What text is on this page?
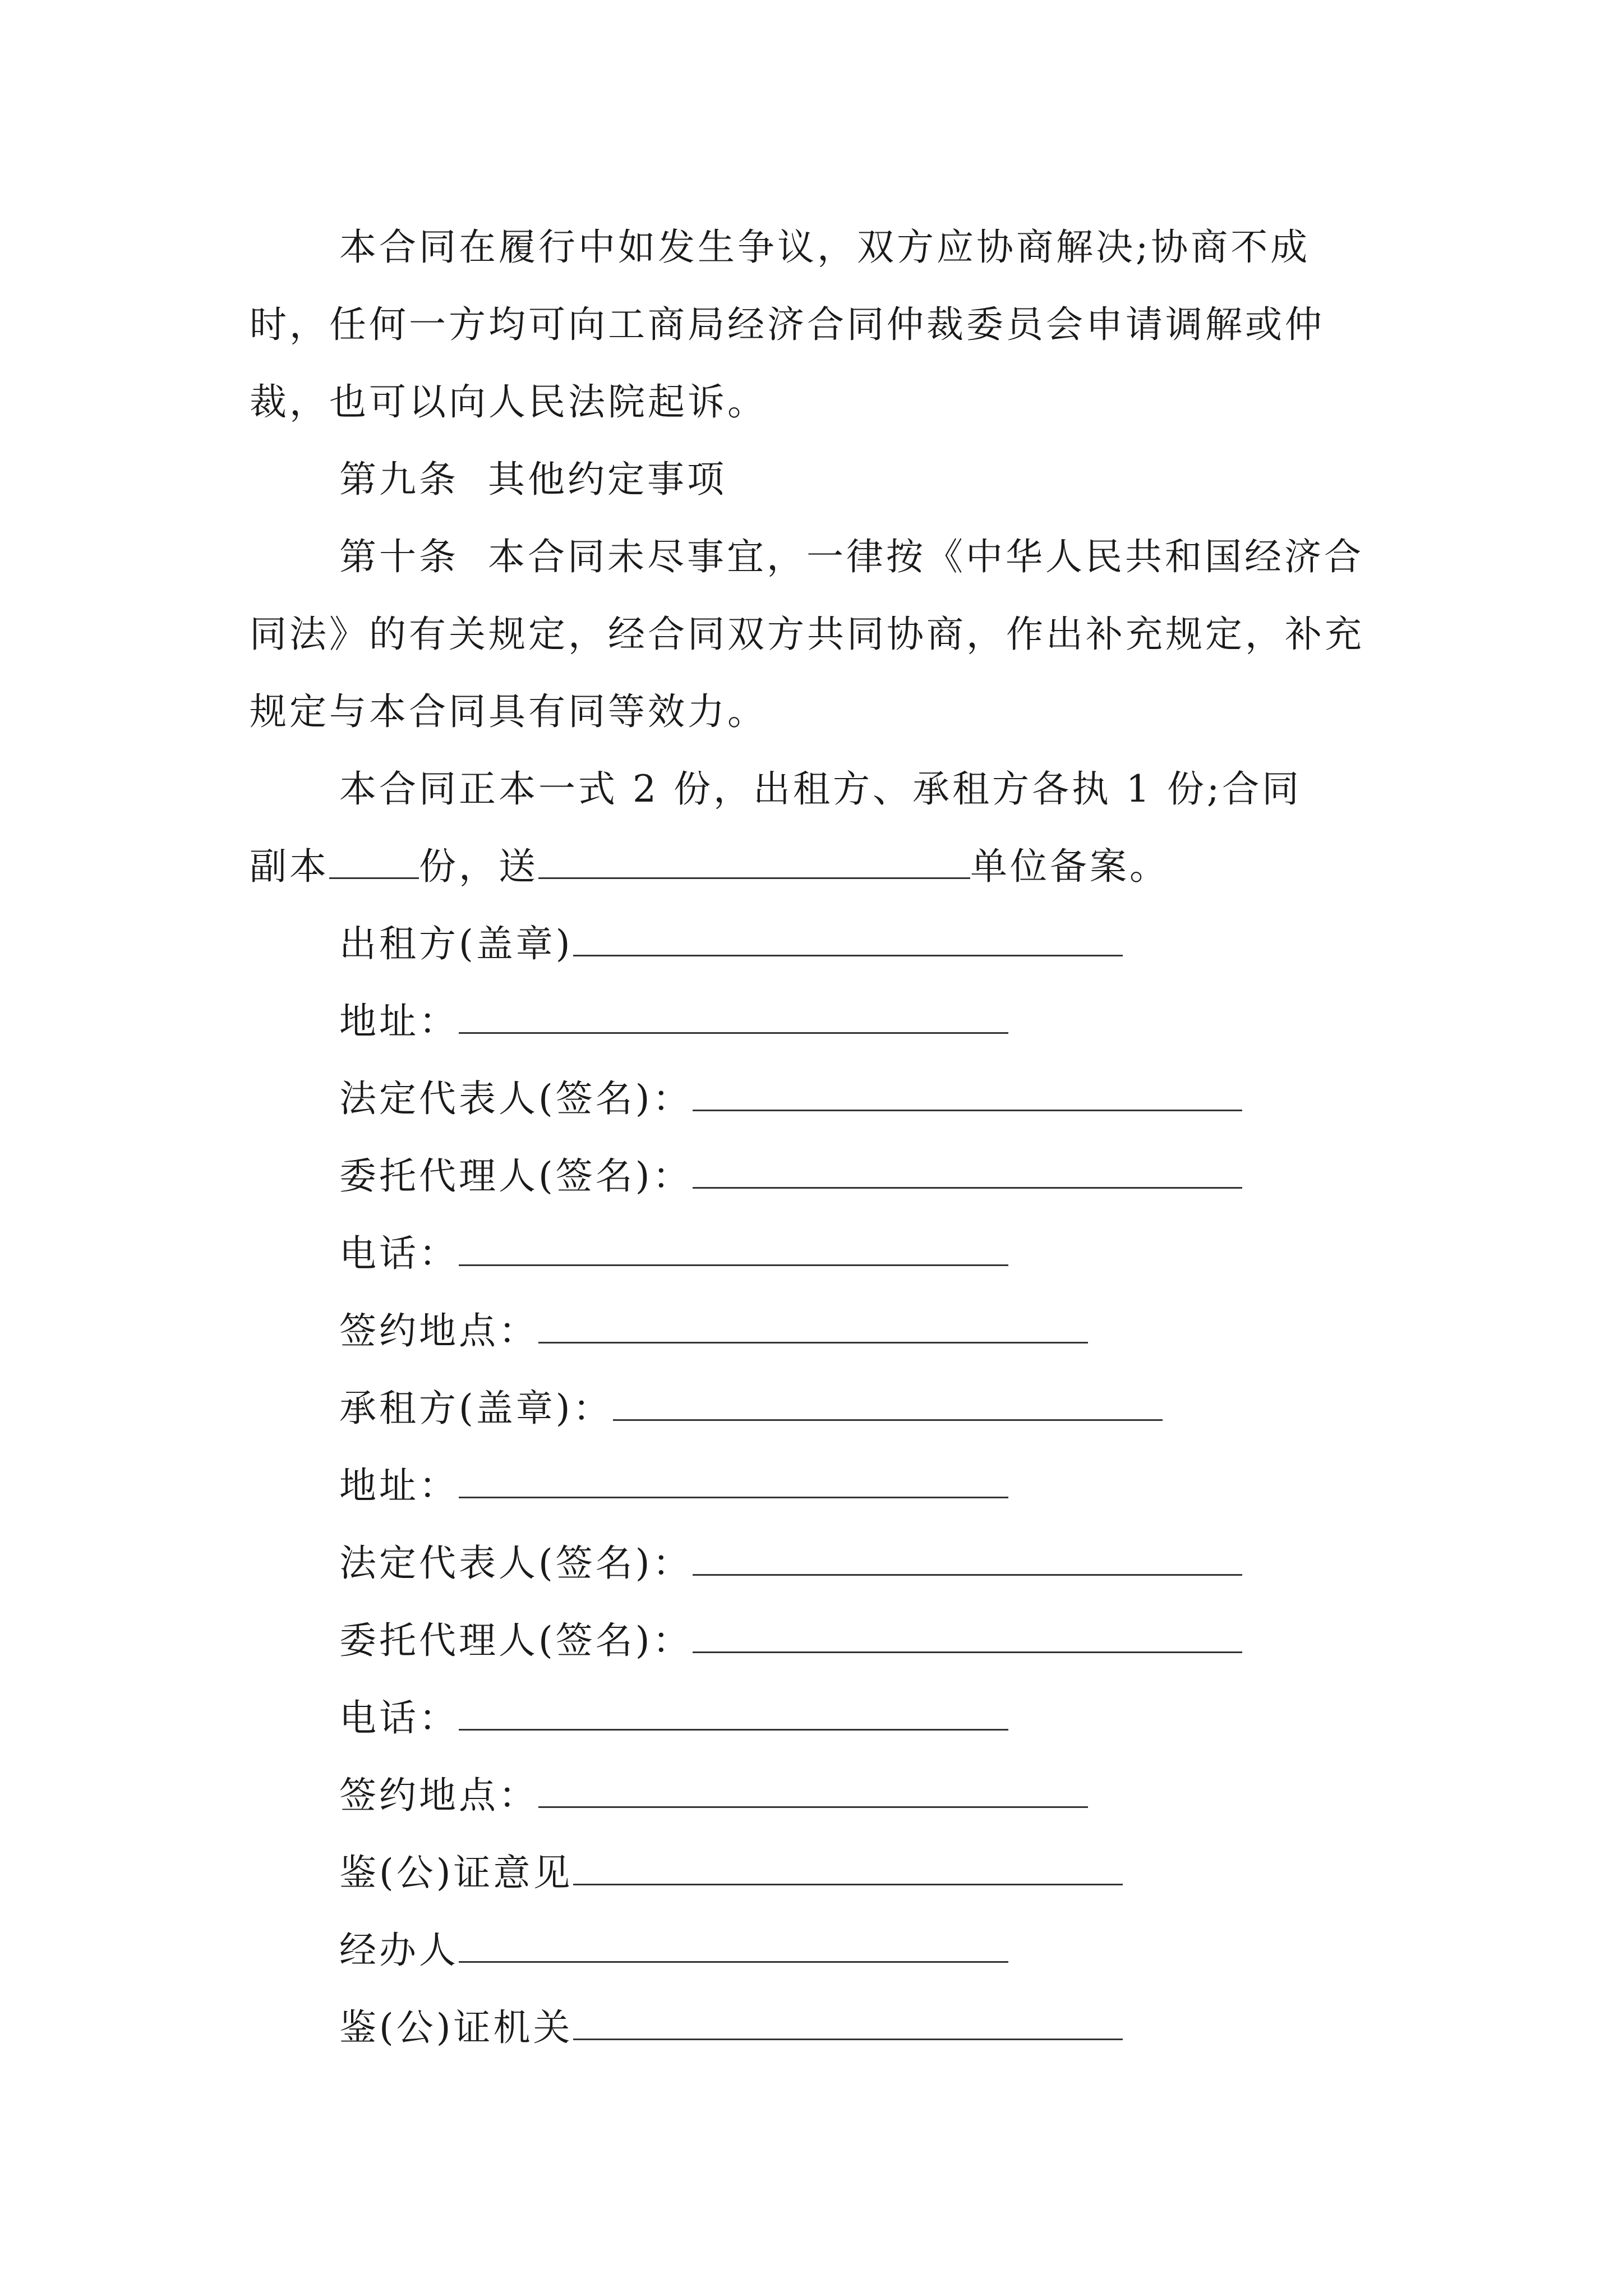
本合同在履行中如发生争议，双方应协商解决;协商不成时，任何一方均可向工商局经济合同仲裁委员会申请调解或仲裁，也可以向人民法院起诉。

第九条  其他约定事项

第十条  本合同未尽事宜，一律按《中华人民共和国经济合同法》的有关规定，经合同双方共同协商，作出补充规定，补充规定与本合同具有同等效力。

本合同正本一式 2 份，出租方、承租方各执 1 份;合同

副本 份，送	单位备案。

出租方(盖章)

地址：

法定代表人(签名)：

委托代理人(签名)：

电话：

签约地点：

承租方(盖章)：

地址：

法定代表人(签名)：

委托代理人(签名)：

电话：

签约地点：

鉴(公)证意见

经办人

鉴(公)证机关
